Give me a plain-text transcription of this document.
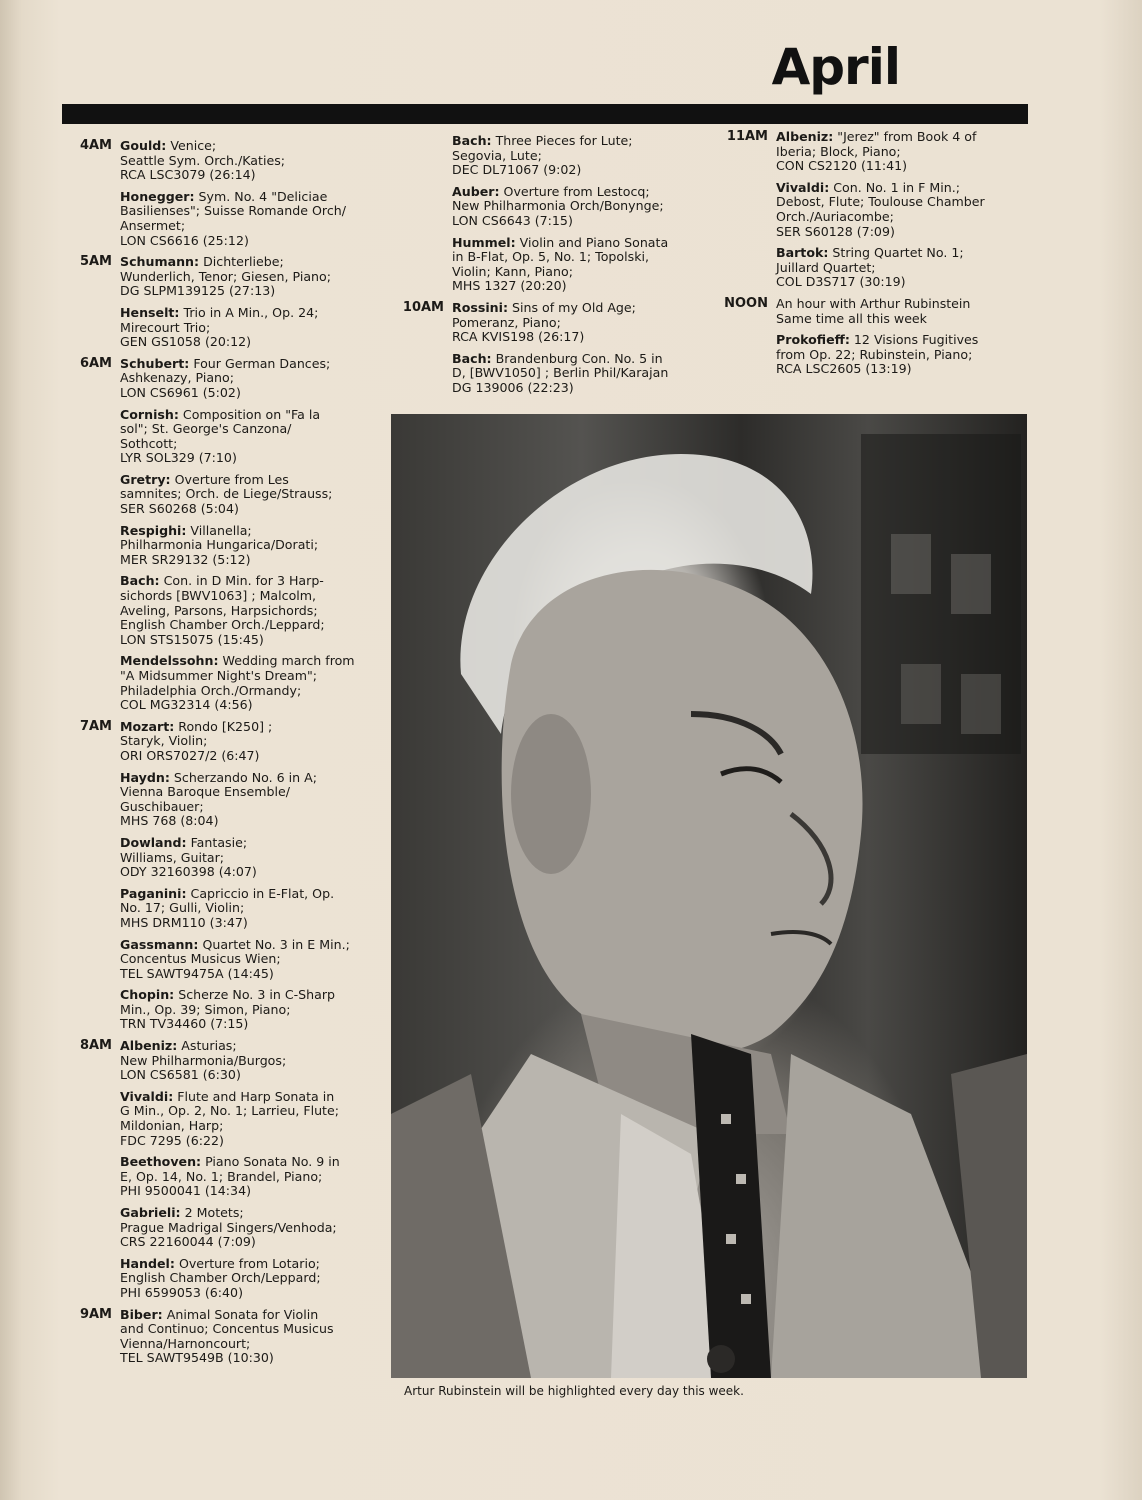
April
4AM Gould: Venice;
Seattle Sym. Orch./Katies;
RCA LSC3079 (26:14)
Honegger: Sym. No. 4 "Deliciae
Basilienses"; Suisse Romande Orch/
Ansermet;
LON CS6616 (25:12)
5AM Schumann: Dichterliebe;
Wunderlich, Tenor; Giesen, Piano;
DG SLPM139125 (27:13)
Henselt: Trio in A Min., Op. 24;
Mirecourt Trio;
GEN GS1058 (20:12)
6AM Schubert: Four German Dances;
Ashkenazy, Piano;
LON CS6961 (5:02)
Cornish: Composition on "Fa la
sol"; St. George's Canzona/
Sothcott;
LYR SOL329 (7:10)
Gretry: Overture from Les
samnites; Orch. de Liege/Strauss;
SER S60268 (5:04)
Respighi: Villanella;
Philharmonia Hungarica/Dorati;
MER SR29132 (5:12)
Bach: Con. in D Min. for 3 Harp-
sichords [BWV1063] ; Malcolm,
Aveling, Parsons, Harpsichords;
English Chamber Orch./Leppard;
LON STS15075 (15:45)
Mendelssohn: Wedding march from
"A Midsummer Night's Dream";
Philadelphia Orch./Ormandy;
COL MG32314 (4:56)
7AM Mozart: Rondo [K250] ;
Staryk, Violin;
ORI ORS7027/2 (6:47)
Haydn: Scherzando No. 6 in A;
Vienna Baroque Ensemble/
Guschibauer;
MHS 768 (8:04)
Dowland: Fantasie;
Williams, Guitar;
ODY 32160398 (4:07)
Paganini: Capriccio in E-Flat, Op.
No. 17; Gulli, Violin;
MHS DRM110 (3:47)
Gassmann: Quartet No. 3 in E Min.;
Concentus Musicus Wien;
TEL SAWT9475A (14:45)
Chopin: Scherze No. 3 in C-Sharp
Min., Op. 39; Simon, Piano;
TRN TV34460 (7:15)
8AM Albeniz: Asturias;
New Philharmonia/Burgos;
LON CS6581 (6:30)
Vivaldi: Flute and Harp Sonata in
G Min., Op. 2, No. 1; Larrieu, Flute;
Mildonian, Harp;
FDC 7295 (6:22)
Beethoven: Piano Sonata No. 9 in
E, Op. 14, No. 1; Brandel, Piano;
PHI 9500041 (14:34)
Gabrieli: 2 Motets;
Prague Madrigal Singers/Venhoda;
CRS 22160044 (7:09)
Handel: Overture from Lotario;
English Chamber Orch/Leppard;
PHI 6599053 (6:40)
9AM Biber: Animal Sonata for Violin
and Continuo; Concentus Musicus
Vienna/Harnoncourt;
TEL SAWT9549B (10:30)
Bach: Three Pieces for Lute;
Segovia, Lute;
DEC DL71067 (9:02)
Auber: Overture from Lestocq;
New Philharmonia Orch/Bonynge;
LON CS6643 (7:15)
Hummel: Violin and Piano Sonata
in B-Flat, Op. 5, No. 1; Topolski,
Violin; Kann, Piano;
MHS 1327 (20:20)
10AM Rossini: Sins of my Old Age;
Pomeranz, Piano;
RCA KVIS198 (26:17)
Bach: Brandenburg Con. No. 5 in
D, [BWV1050] ; Berlin Phil/Karajan
DG 139006 (22:23)
11AM Albeniz: "Jerez" from Book 4 of
Iberia; Block, Piano;
CON CS2120 (11:41)
Vivaldi: Con. No. 1 in F Min.;
Debost, Flute; Toulouse Chamber
Orch./Auriacombe;
SER S60128 (7:09)
Bartok: String Quartet No. 1;
Juillard Quartet;
COL D3S717 (30:19)
NOON An hour with Arthur Rubinstein
Same time all this week
Prokofieff: 12 Visions Fugitives
from Op. 22; Rubinstein, Piano;
RCA LSC2605 (13:19)

Artur Rubinstein will be highlighted every day this week.
